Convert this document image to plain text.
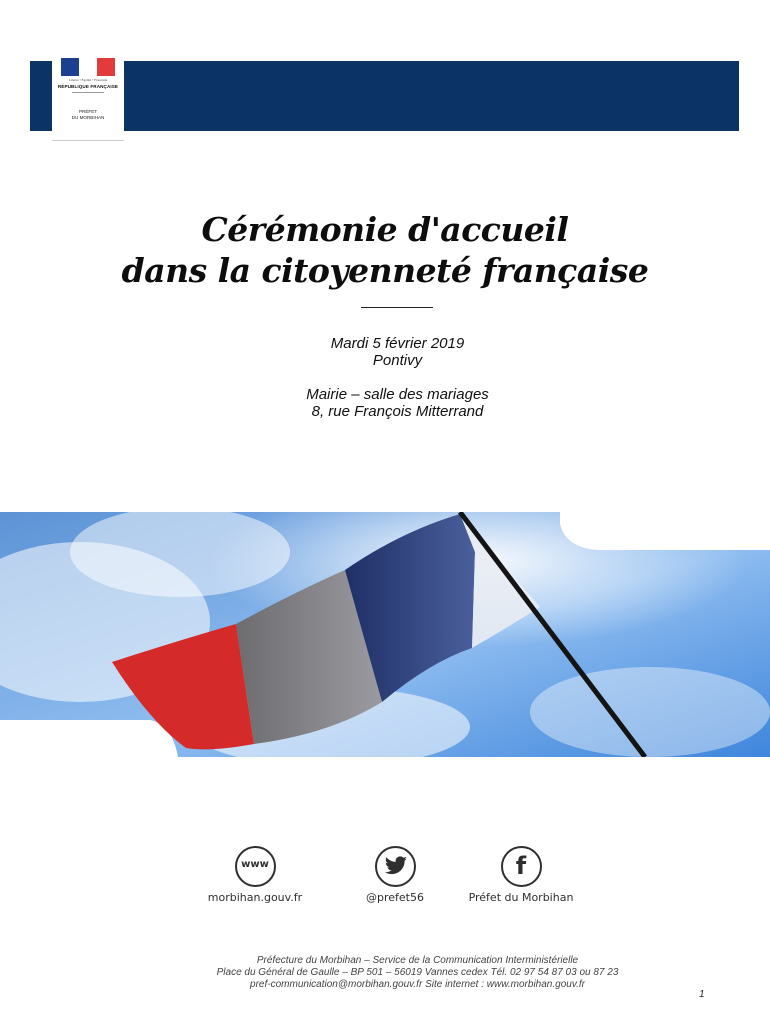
Liberté • Égalité • Fraternité
RÉPUBLIQUE FRANÇAISE
PRÉFET
DU MORBIHAN
Cérémonie d'accueil
dans la citoyenneté française
Mardi 5 février 2019
Pontivy
Mairie – salle des mariages
8, rue François Mitterrand
www
morbihan.gouv.fr	@prefet56
f
Préfet du Morbihan
Préfecture du Morbihan – Service de la Communication Interministérielle
Place du Général de Gaulle – BP 501 – 56019 Vannes cedex Tél. 02 97 54 87 03 ou 87 23
pref-communication@morbihan.gouv.fr Site internet : www.morbihan.gouv.fr
1
